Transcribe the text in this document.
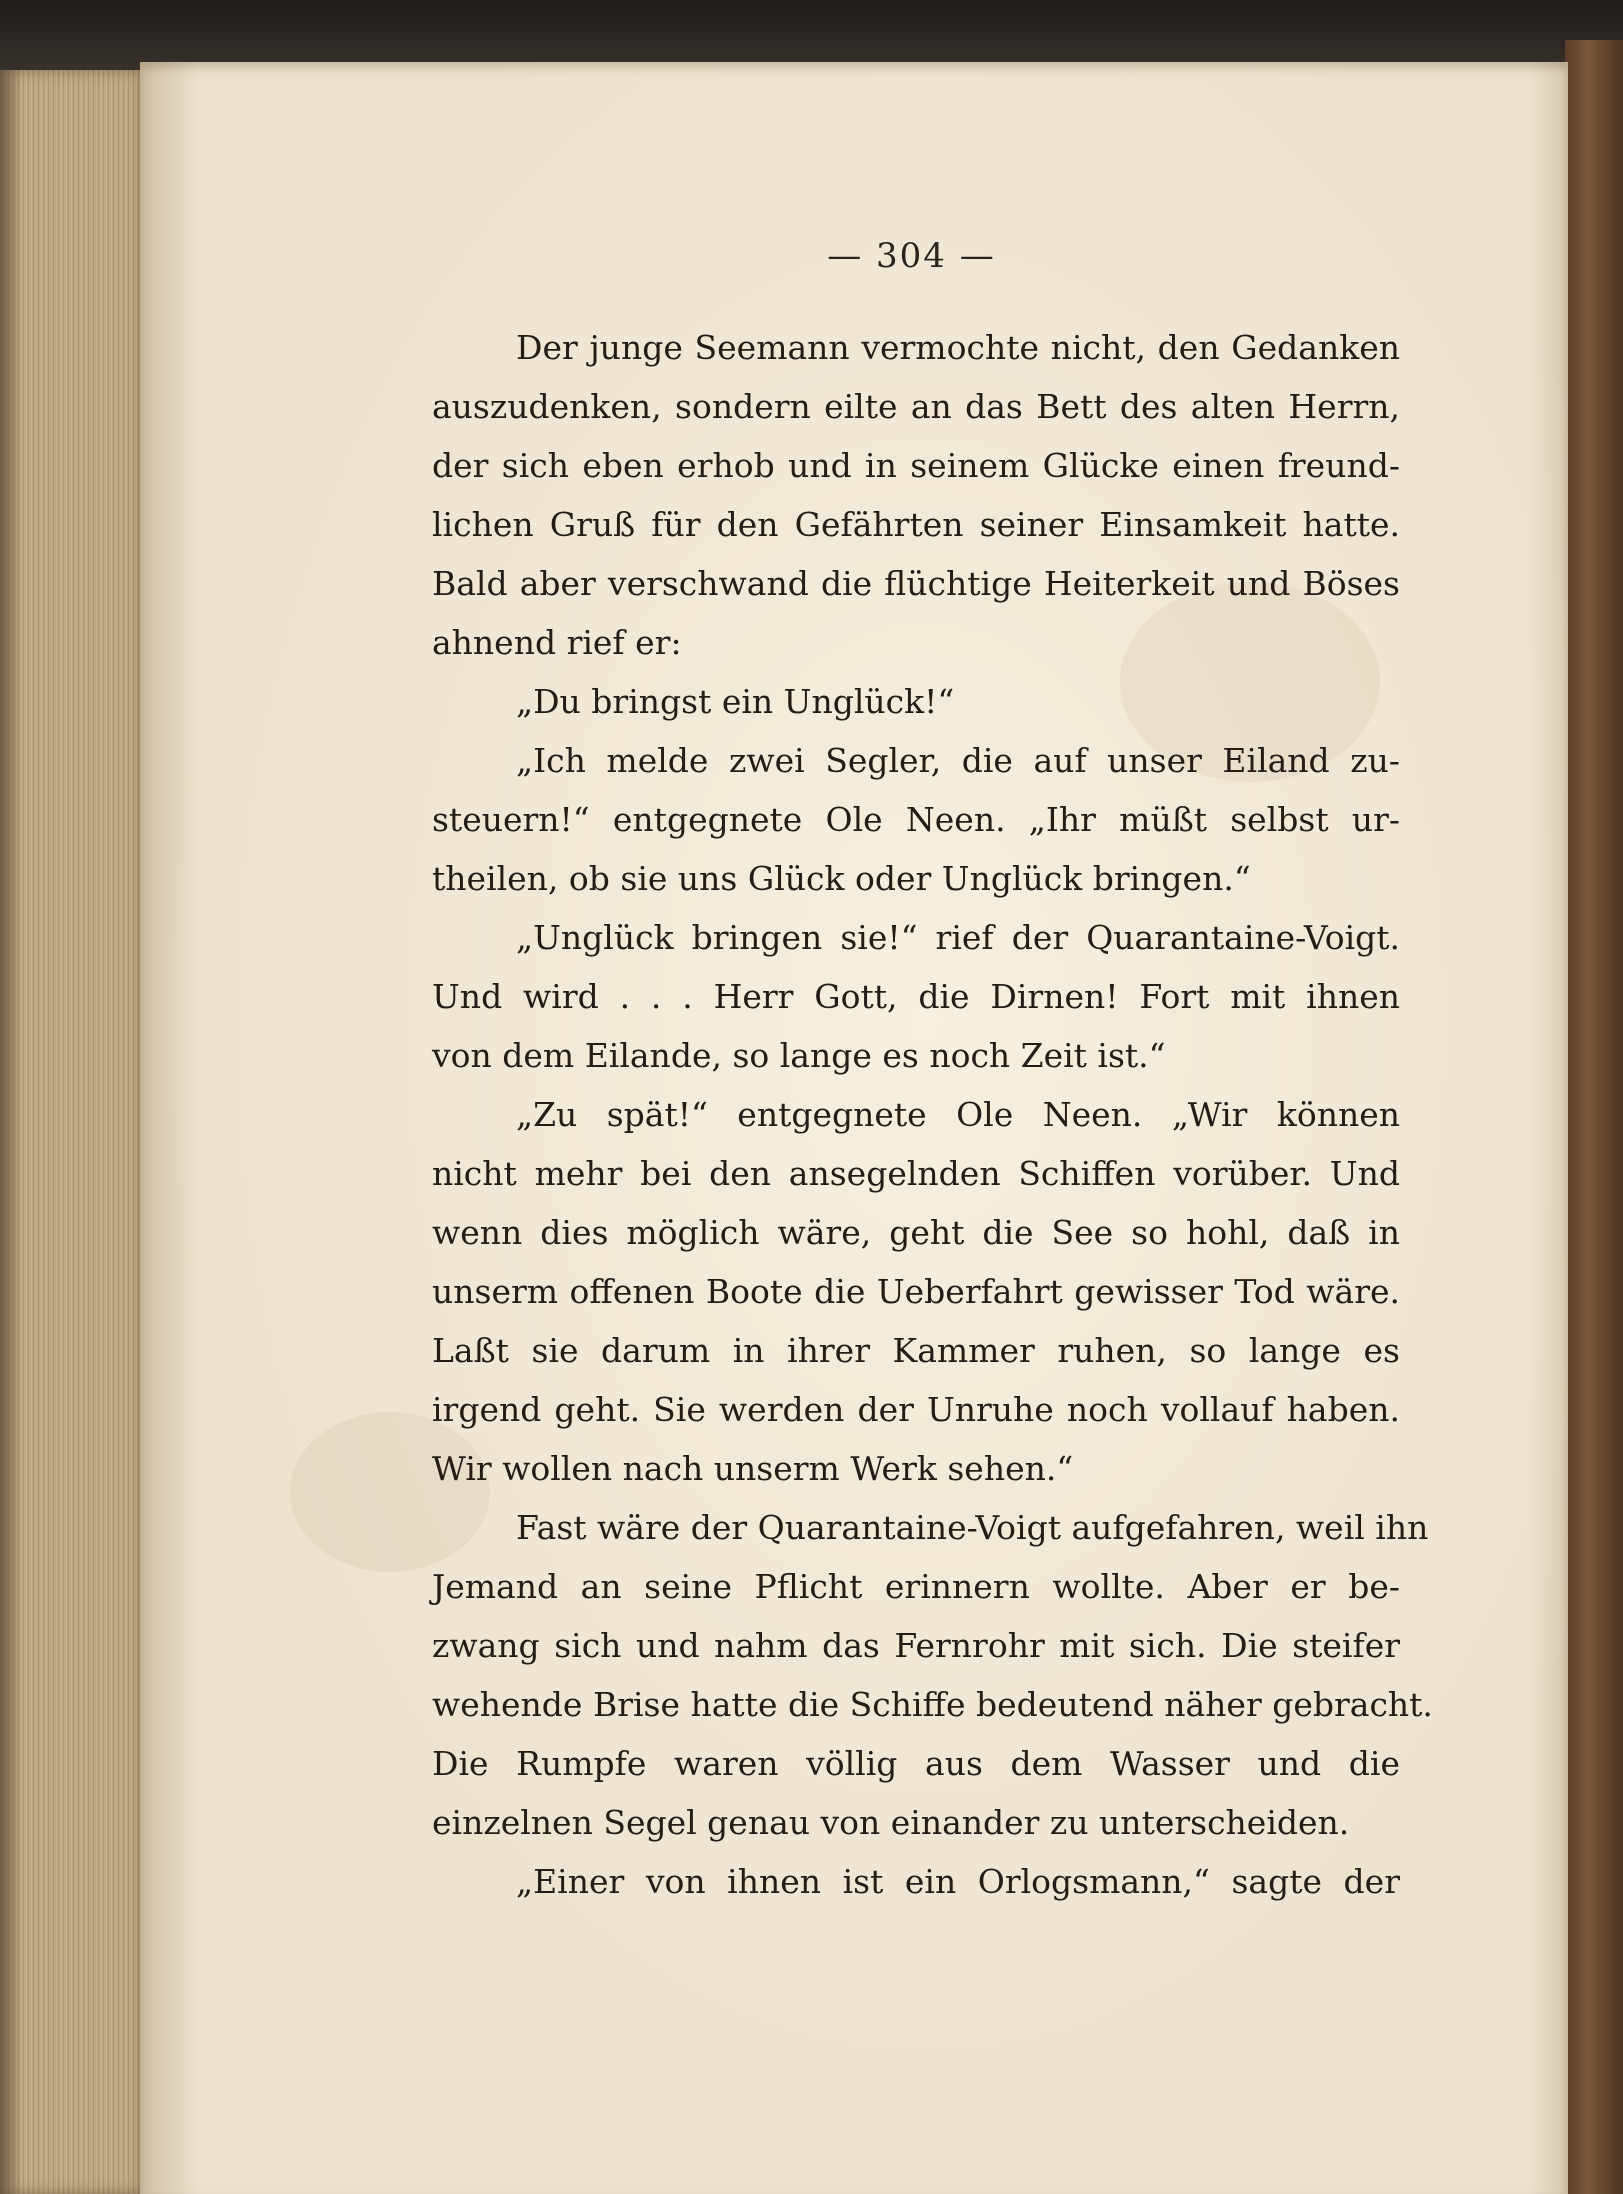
— 304 —
Der junge Seemann vermochte nicht, den Gedanken
auszudenken, sondern eilte an das Bett des alten Herrn,
der sich eben erhob und in seinem Glücke einen freund-
lichen Gruß für den Gefährten seiner Einsamkeit hatte.
Bald aber verschwand die flüchtige Heiterkeit und Böses
ahnend rief er:
„Du bringst ein Unglück!“
„Ich melde zwei Segler, die auf unser Eiland zu-
steuern!“ entgegnete Ole Neen. „Ihr müßt selbst ur-
theilen, ob sie uns Glück oder Unglück bringen.“
„Unglück bringen sie!“ rief der Quarantaine-Voigt.
Und wird . . . Herr Gott, die Dirnen! Fort mit ihnen
von dem Eilande, so lange es noch Zeit ist.“
„Zu spät!“ entgegnete Ole Neen. „Wir können
nicht mehr bei den ansegelnden Schiffen vorüber. Und
wenn dies möglich wäre, geht die See so hohl, daß in
unserm offenen Boote die Ueberfahrt gewisser Tod wäre.
Laßt sie darum in ihrer Kammer ruhen, so lange es
irgend geht. Sie werden der Unruhe noch vollauf haben.
Wir wollen nach unserm Werk sehen.“
Fast wäre der Quarantaine-Voigt aufgefahren, weil ihn
Jemand an seine Pflicht erinnern wollte. Aber er be-
zwang sich und nahm das Fernrohr mit sich. Die steifer
wehende Brise hatte die Schiffe bedeutend näher gebracht.
Die Rumpfe waren völlig aus dem Wasser und die
einzelnen Segel genau von einander zu unterscheiden.
„Einer von ihnen ist ein Orlogsmann,“ sagte der
